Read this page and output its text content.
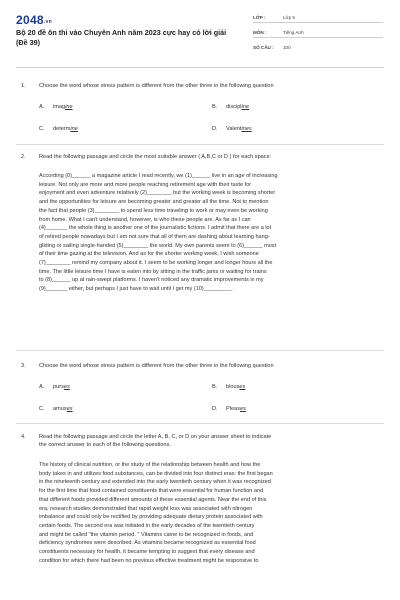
2048.vn
Bộ 20 đề ôn thi vào Chuyên Anh năm 2023 cực hay có lời giải (Đề 39)
LỚP :	Lớp 9
MÔN :	Tiếng Anh
SỐ CÂU : 100
1. Choose the word whose stress pattern is different from the other three in the following question
A. imagine	B. discipline
C. determine	D. Valentines
2. Read the following passage and circle the most suitable answer ( A,B,C or D ) for each space:
According (0)______ a magazine article I read recently, we (1)______ live in an age of increasing
leisure. Not only are more and more people reaching retirement age with their taste for
enjoyment and even adventure relatively (2)________ but the working week is becoming shorter
and the opportunities for leisure are becoming greater and greater all the time. Not to mention
the fact that people (3)________ to spend less time traveling to work or may even be working
from home. What I can't understand, however, is who these people are. As far as I can
(4)_______ the whole thing is another one of the journalistic fictions. I admit that there are a lot
of retired people nowadays but I am not sure that all of them are dashing about learning hang-
gliding or sailing single-handed (5)________ the world. My own parents seem to (6)______ most
of their time gazing at the television. And as for the shorter working week, I wish someone
(7)________ remind my company about it. I seem to be working longer and longer hours all the
time. The little leisure time I have is eaten into by sitting in the traffic jams or waiting for trains
to (8)______ up at rain-swept platforms. I haven't noticed any dramatic improvements in my
(9)_______ either, but perhaps I just have to wait until I get my (10)_________ .
3. Choose the word whose stress pattern is different from the other three in the following question
A. purses	B. blouses
C. amuses	D. Pleases
4. Read the following passage and circle the letter A, B, C, or D on your answer sheet to indicate
the correct answer to each of the following questions.
The history of clinical nutrition, or the study of the relationship between health and how the
body takes in and utilizes food substances, can be divided into four distinct eras: the first began
in the nineteenth century and extended into the early twentieth century when it was recognized
for the first time that food contained constituents that were essential for human function and
that different foods provided different amounts of these essential agents. Near the end of this
era, research studies demonstrated that rapid weight loss was associated with nitrogen
imbalance and could only be rectified by providing adequate dietary protein associated with
certain foods. The second era was initiated in the early decades of the twentieth century
and might be called "the vitamin period. " Vitamins came to be recognized in foods, and
deficiency syndromes were described. As vitamins became recognized as essential food
constituents necessary for health, it became tempting to suggest that every disease and
condition for which there had been no previous effective treatment might be responsive to
